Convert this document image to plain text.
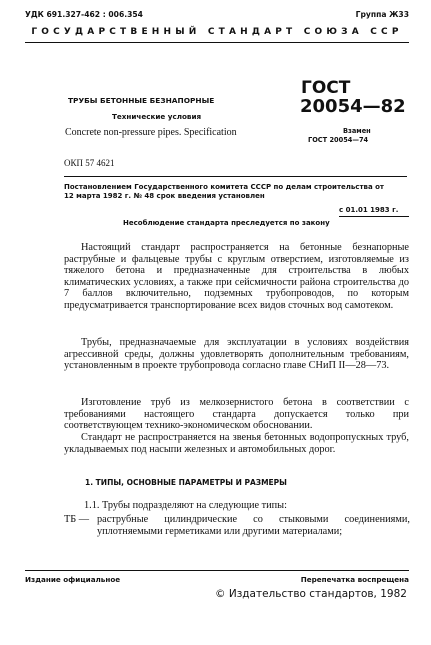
УДК 691.327-462 : 006.354	Группа Ж33
ГОСУДАРСТВЕННЫЙ СТАНДАРТ СОЮЗА ССР
ТРУБЫ БЕТОННЫЕ БЕЗНАПОРНЫЕ
Технические условия
Concrete non-pressure pipes. Specification
ГОСТ
20054—82
Взамен
ГОСТ 20054—74
ОКП 57 4621
Постановлением Государственного комитета СССР по делам строительства от
12 марта 1982 г. № 48 срок введения установлен
с 01.01 1983 г.
Несоблюдение стандарта преследуется по закону

Настоящий стандарт распространяется на бетонные безнапорные раструбные и фальцевые трубы с круглым отверстием, изготовляемые из тяжелого бетона и предназначенные для строительства в любых климатических условиях, а также при сейсмичности района строительства до 7 баллов включительно, подземных трубопроводов, по которым предусматривается транспортирование всех видов сточных вод самотеком.

Трубы, предназначаемые для эксплуатации в условиях воздействия агрессивной среды, должны удовлетворять дополнительным требованиям, установленным в проекте трубопровода согласно главе СНиП II—28—73.

Изготовление труб из мелкозернистого бетона в соответствии с требованиями настоящего стандарта допускается только при соответствующем технико-экономическом обосновании.

Стандарт не распространяется на звенья бетонных водопропускных труб, укладываемых под насыпи железных и автомобильных дорог.

1. ТИПЫ, ОСНОВНЫЕ ПАРАМЕТРЫ И РАЗМЕРЫ
1.1. Трубы подразделяют на следующие типы:
ТБ — раструбные цилиндрические со стыковыми соединениями, уплотняемыми герметиками или другими материалами;

Издание официальное	Перепечатка воспрещена
© Издательство стандартов, 1982
